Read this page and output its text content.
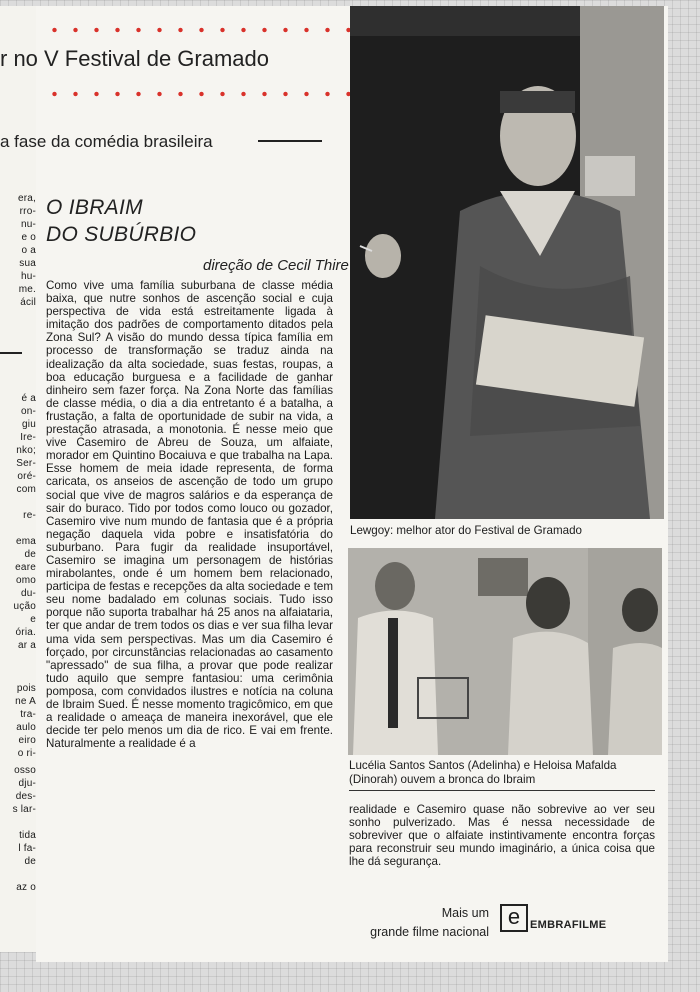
era,
rro-
nu-
e o
o a
sua
hu-
me.
ácil
é a
on-
giu
Ire-
nko;
Ser-
oré-
com

re-

ema
de
eare
omo
du-
ução
e
ória.
ar a
pois
ne A
tra-
aulo
eiro
o ri-
osso
dju-
des-
s lar-

tida
l fa-
de

az o
r no V Festival de Gramado
a fase da comédia brasileira
O IBRAIM
DO SUBÚRBIO
direção de Cecil Thire
Como vive uma família suburbana de classe média baixa, que nutre sonhos de ascenção social e cuja perspectiva de vida está estreitamente ligada à imitação dos padrões de comportamento ditados pela Zona Sul? A visão do mundo dessa típica família em processo de transformação se traduz ainda na idealização da alta sociedade, suas festas, roupas, a boa educação burguesa e a facilidade de ganhar dinheiro sem fazer força. Na Zona Norte das famílias de classe média, o dia a dia entretanto é a batalha, a frustação, a falta de oportunidade de subir na vida, a prestação atrasada, a monotonia. É nesse meio que vive Casemiro de Abreu de Souza, um alfaiate, morador em Quintino Bocaiuva e que trabalha na Lapa. Esse homem de meia idade representa, de forma caricata, os anseios de ascenção de todo um grupo social que vive de magros salários e da esperança de sair do buraco. Tido por todos como louco ou gozador, Casemiro vive num mundo de fantasia que é a própria negação daquela vida pobre e insatisfatória do suburbano. Para fugir da realidade insuportável, Casemiro se imagina um personagem de histórias mirabolantes, onde é um homem bem relacionado, participa de festas e recepções da alta sociedade e tem seu nome badalado em colunas sociais. Tudo isso porque não suporta trabalhar há 25 anos na alfaiataria, ter que andar de trem todos os dias e ver sua filha levar uma vida sem perspectivas. Mas um dia Casemiro é forçado, por circunstâncias relacionadas ao casamento "apressado" de sua filha, a provar que pode realizar tudo aquilo que sempre fantasiou: uma cerimônia pomposa, com convidados ilustres e notícia na coluna de Ibraim Sued. É nesse momento tragicômico, em que a realidade o ameaça de maneira inexorável, que ele decide ter pelo menos um dia de rico. E vai em frente. Naturalmente a realidade é a
Lewgoy: melhor ator do Festival de Gramado
Lucélia Santos Santos (Adelinha) e Heloisa Mafalda (Dinorah) ouvem a bronca do Ibraim
realidade e Casemiro quase não sobrevive ao ver seu sonho pulverizado. Mas é nessa necessidade de sobreviver que o alfaiate instintivamente encontra forças para reconstruir seu mundo imaginário, a única coisa que lhe dá segurança.
Mais um
grande filme nacional
e EMBRAFILME
